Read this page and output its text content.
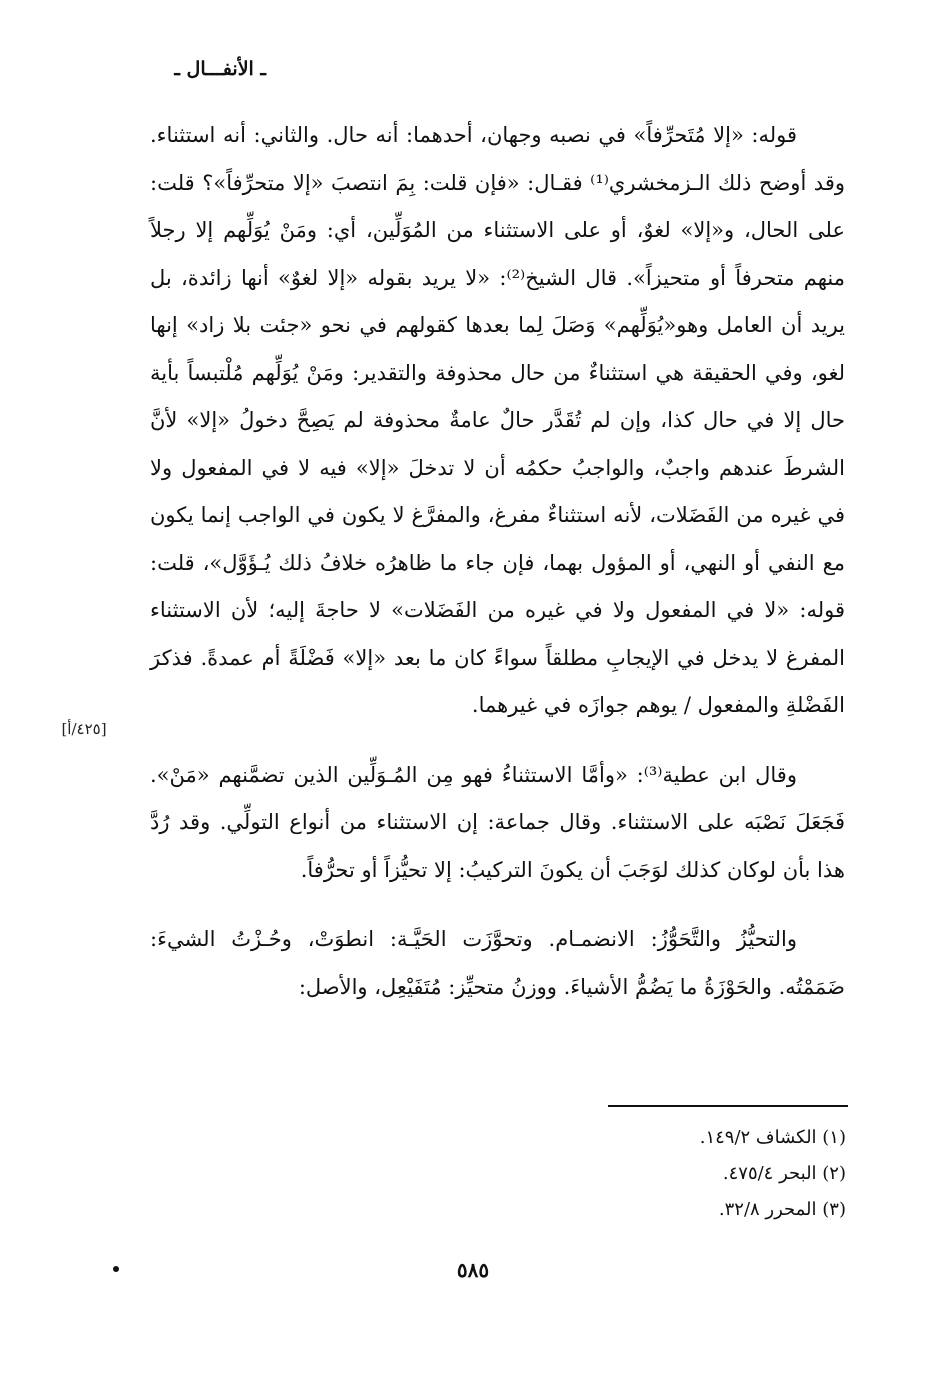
ـ الأنفـــال ـ

قوله: «إلا مُتَحرِّفاً» في نصبه وجهان، أحدهما: أنه حال. والثاني: أنه استثناء. وقد أوضح ذلك الـزمخشري⁽¹⁾ فقـال: «فإن قلت: بِمَ انتصبَ «إلا متحرِّفاً»؟ قلت: على الحال، و«إلا» لغوٌ، أو على الاستثناء من المُوَلِّين، أي: ومَنْ يُوَلِّهم إلا رجلاً منهم متحرفاً أو متحيزاً». قال الشيخ⁽²⁾: «لا يريد بقوله «إلا لغوٌ» أنها زائدة، بل يريد أن العامل وهو«يُوَلِّهم» وَصَلَ لِما بعدها كقولهم في نحو «جئت بلا زاد» إنها لغو، وفي الحقيقة هي استثناءٌ من حال محذوفة والتقدير: ومَنْ يُوَلِّهم مُلْتبساً بأية حال إلا في حال كذا، وإن لم تُقَدَّر حالٌ عامةٌ محذوفة لم يَصِحَّ دخولُ «إلا» لأنَّ الشرطَ عندهم واجبٌ، والواجبُ حكمُه أن لا تدخلَ «إلا» فيه لا في المفعول ولا في غيره من الفَضَلات، لأنه استثناءٌ مفرغ، والمفرَّغ لا يكون في الواجب إنما يكون مع النفي أو النهي، أو المؤول بهما، فإن جاء ما ظاهرُه خلافُ ذلك يُـؤَوَّل»، قلت: قوله: «لا في المفعول ولا في غيره من الفَضَلات» لا حاجةَ إليه؛ لأن الاستثناء المفرغ لا يدخل في الإيجابِ مطلقاً سواءً كان ما بعد «إلا» فَضْلَةً أم عمدةً. فذكرَ الفَضْلةِ والمفعول / يوهم جوازَه في غيرهما.

وقال ابن عطية⁽³⁾: «وأمَّا الاستثناءُ فهو مِن المُـوَلِّين الذين تضمَّنهم «مَنْ». فَجَعَلَ نَصْبَه على الاستثناء. وقال جماعة: إن الاستثناء من أنواع التولِّي. وقد رُدَّ هذا بأن لوكان كذلك لوَجَبَ أن يكونَ التركيبُ: إلا تحيُّزاً أو تحرُّفاً.

والتحيُّزُ والتَّحَوُّزُ: الانضمـام. وتحوَّزَت الحَيَّـة: انطوَتْ، وحُـزْتُ الشيءَ: ضَمَمْتُه. والحَوْزَةُ ما يَضُمُّ الأشياءَ. ووزنُ متحيِّز: مُتَفَيْعِل، والأصل:

[٤٢٥/أ]
(١) الكشاف ١٤٩/٢.
(٢) البحر ٤٧٥/٤.
(٣) المحرر ٣٢/٨.
٥٨٥
